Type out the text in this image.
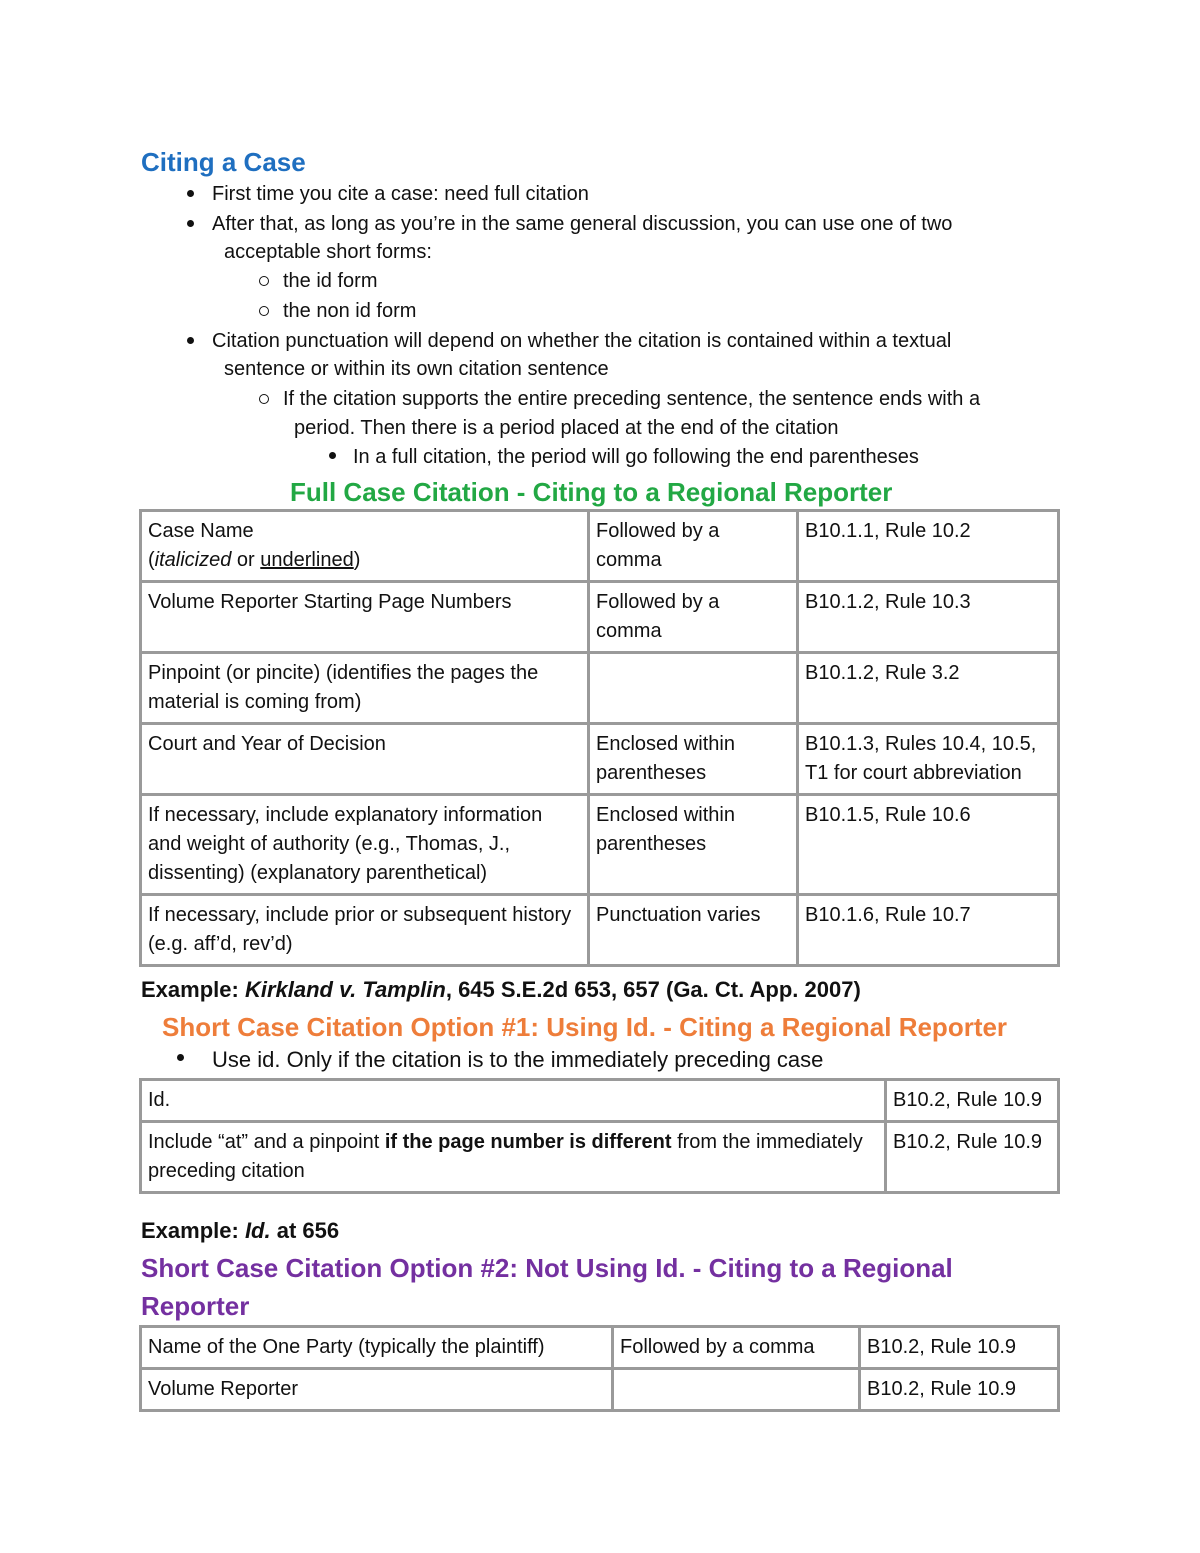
Citing a Case
First time you cite a case: need full citation
After that, as long as you’re in the same general discussion, you can use one of two
acceptable short forms:
the id form
the non id form
Citation punctuation will depend on whether the citation is contained within a textual
sentence or within its own citation sentence
If the citation supports the entire preceding sentence, the sentence ends with a
period. Then there is a period placed at the end of the citation
In a full citation, the period will go following the end parentheses
Full Case Citation - Citing to a Regional Reporter
Case Name
(italicized or underlined)	Followed by a comma	B10.1.1, Rule 10.2
Volume Reporter Starting Page Numbers	Followed by a comma	B10.1.2, Rule 10.3
Pinpoint (or pincite) (identifies the pages the material is coming from)		B10.1.2, Rule 3.2
Court and Year of Decision	Enclosed within parentheses	B10.1.3, Rules 10.4, 10.5, T1 for court abbreviation
If necessary, include explanatory information and weight of authority (e.g., Thomas, J., dissenting) (explanatory parenthetical)	Enclosed within parentheses	B10.1.5, Rule 10.6
If necessary, include prior or subsequent history (e.g. aff’d, rev’d)	Punctuation varies	B10.1.6, Rule 10.7
Example: Kirkland v. Tamplin, 645 S.E.2d 653, 657 (Ga. Ct. App. 2007)
Short Case Citation Option #1: Using Id. - Citing a Regional Reporter
Use id. Only if the citation is to the immediately preceding case
Id.	B10.2, Rule 10.9
Include “at” and a pinpoint if the page number is different from the immediately preceding citation	B10.2, Rule 10.9
Example: Id. at 656
Short Case Citation Option #2: Not Using Id. - Citing to a Regional
Reporter
Name of the One Party (typically the plaintiff)	Followed by a comma	B10.2, Rule 10.9
Volume Reporter		B10.2, Rule 10.9
